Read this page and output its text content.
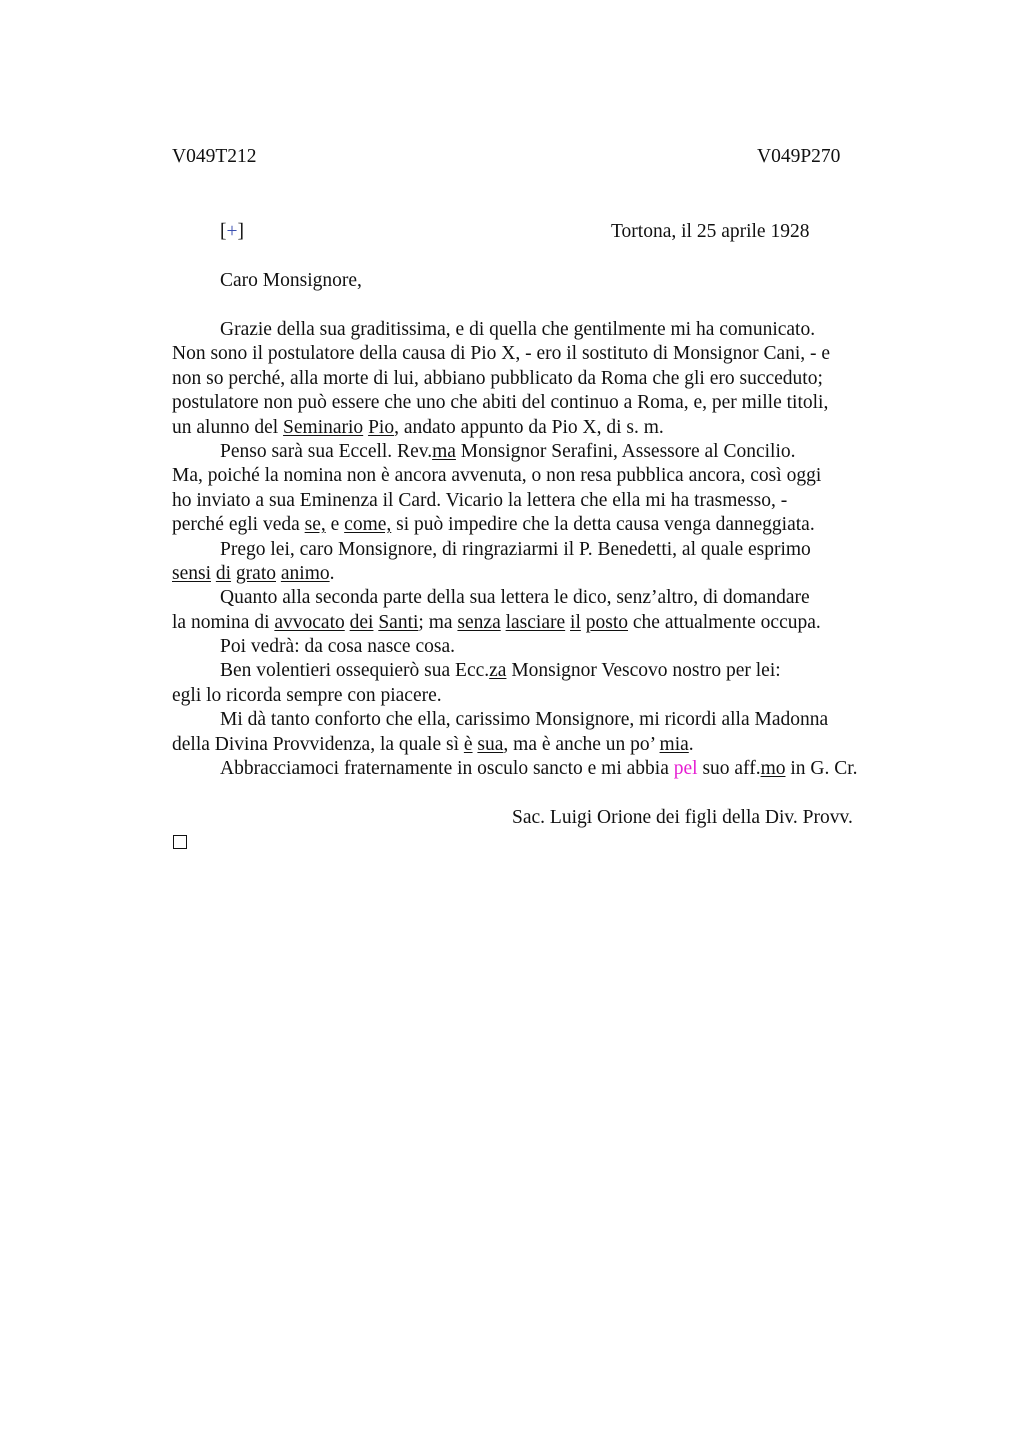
V049T212	V049P270
[+]	Tortona, il 25 aprile 1928
Caro Monsignore,
Grazie della sua graditissima, e di quella che gentilmente mi ha comunicato.
Non sono il postulatore della causa di Pio X, - ero il sostituto di Monsignor Cani, - e
non so perché, alla morte di lui, abbiano pubblicato da Roma che gli ero succeduto;
postulatore non può essere che uno che abiti del continuo a Roma, e, per mille titoli,
un alunno del Seminario Pio, andato appunto da Pio X, di s. m.
Penso sarà sua Eccell. Rev.ma Monsignor Serafini, Assessore al Concilio.
Ma, poiché la nomina non è ancora avvenuta, o non resa pubblica ancora, così oggi
ho inviato a sua Eminenza il Card. Vicario la lettera che ella mi ha trasmesso, -
perché egli veda se, e come, si può impedire che la detta causa venga danneggiata.
Prego lei, caro Monsignore, di ringraziarmi il P. Benedetti, al quale esprimo
sensi di grato animo.
Quanto alla seconda parte della sua lettera le dico, senz’altro, di domandare
la nomina di avvocato dei Santi; ma senza lasciare il posto che attualmente occupa.
Poi vedrà: da cosa nasce cosa.
Ben volentieri ossequierò sua Ecc.za Monsignor Vescovo nostro per lei:
egli lo ricorda sempre con piacere.
Mi dà tanto conforto che ella, carissimo Monsignore, mi ricordi alla Madonna
della Divina Provvidenza, la quale sì è sua, ma è anche un po’ mia.
Abbracciamoci fraternamente in osculo sancto e mi abbia pel suo aff.mo in G. Cr.
Sac. Luigi Orione dei figli della Div. Provv.
